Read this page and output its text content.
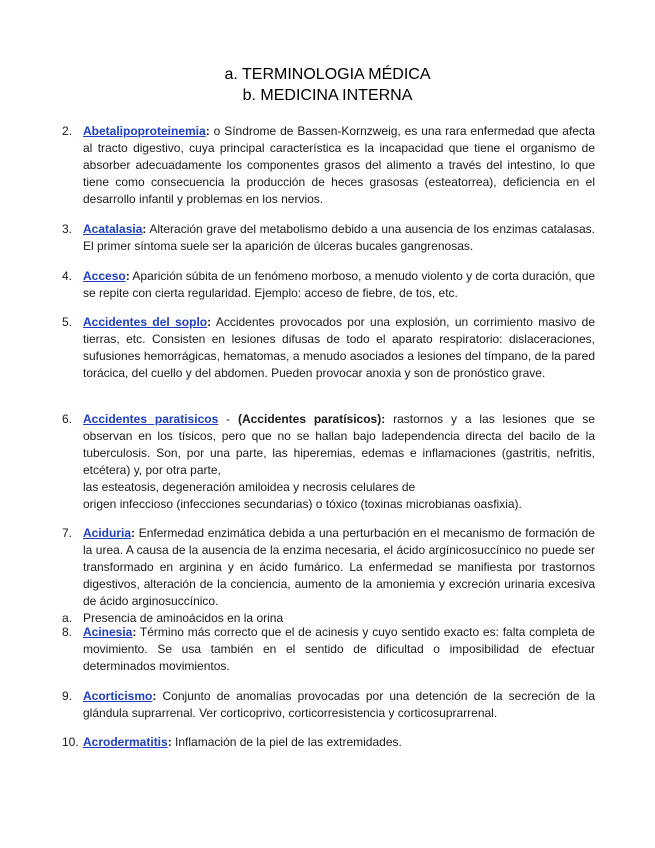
a. TERMINOLOGIA MÉDICA
b. MEDICINA INTERNA
2. Abetalipoproteinemia: o Síndrome de Bassen-Kornzweig, es una rara enfermedad que afecta al tracto digestivo, cuya principal característica es la incapacidad que tiene el organismo de absorber adecuadamente los componentes grasos del alimento a través del intestino, lo que tiene como consecuencia la producción de heces grasosas (esteatorrea), deficiencia en el desarrollo infantil y problemas en los nervios.
3. Acatalasia: Alteración grave del metabolismo debido a una ausencia de los enzimas catalasas. El primer síntoma suele ser la aparición de úlceras bucales gangrenosas.
4. Acceso: Aparición súbita de un fenómeno morboso, a menudo violento y de corta duración, que se repite con cierta regularidad. Ejemplo: acceso de fiebre, de tos, etc.
5. Accidentes del soplo: Accidentes provocados por una explosión, un corrimiento masivo de tierras, etc. Consisten en lesiones difusas de todo el aparato respiratorio: dislaceraciones, sufusiones hemorrágicas, hematomas, a menudo asociados a lesiones del tímpano, de la pared torácica, del cuello y del abdomen. Pueden provocar anoxia y son de pronóstico grave.
6. Accidentes paratisicos - (Accidentes paratísicos): rastornos y a las lesiones que se observan en los tísicos, pero que no se hallan bajo ladependencia directa del bacilo de la tuberculosis. Son, por una parte, las hiperemias, edemas e inflamaciones (gastritis, nefritis, etcétera) y, por otra parte,
las esteatosis, degeneración amiloidea y necrosis celulares de
origen infeccioso (infecciones secundarias) o tóxico (toxinas microbianas oasfixia).
7. Aciduria: Enfermedad enzimática debida a una perturbación en el mecanismo de formación de la urea. A causa de la ausencia de la enzima necesaria, el ácido argínicosuccínico no puede ser transformado en arginina y en ácido fumárico. La enfermedad se manifiesta por trastornos digestivos, alteración de la conciencia, aumento de la amoniemia y excreción urinaria excesiva de ácido arginosuccínico.
a. Presencia de aminoácidos en la orina
8. Acinesia: Término más correcto que el de acinesis y cuyo sentido exacto es: falta completa de movimiento. Se usa también en el sentido de dificultad o imposibilidad de efectuar determinados movimientos.
9. Acorticismo: Conjunto de anomalías provocadas por una detención de la secreción de la glándula suprarrenal. Ver corticoprivo, corticorresistencia y corticosuprarrenal.
10. Acrodermatitis: Inflamación de la piel de las extremidades.
